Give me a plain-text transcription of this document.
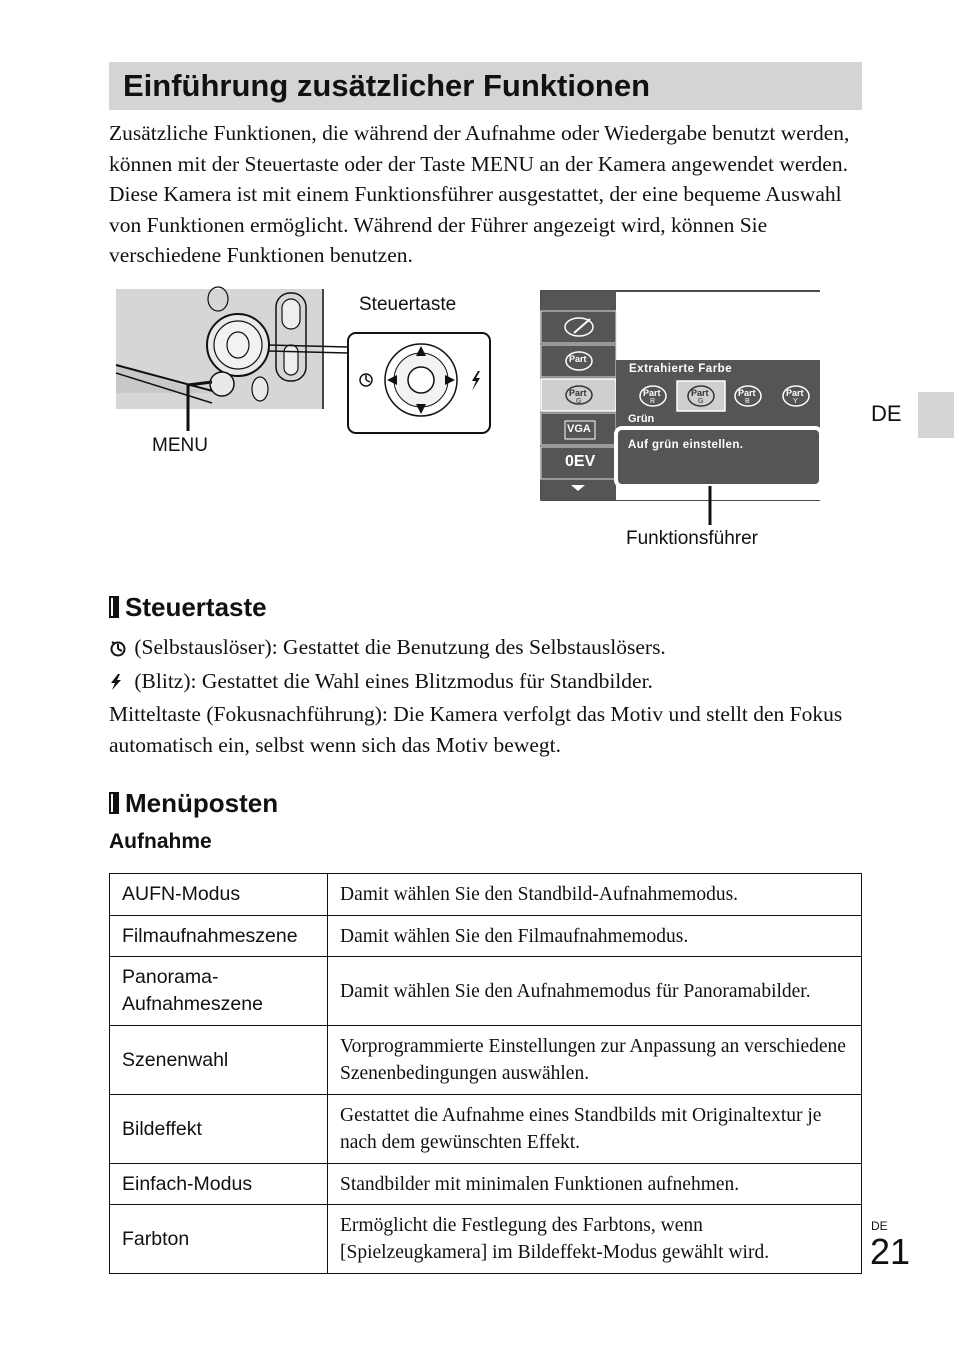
Einführung zusätzlicher Funktionen

Zusätzliche Funktionen, die während der Aufnahme oder Wiedergabe benutzt werden, können mit der Steuertaste oder der Taste MENU an der Kamera angewendet werden. Diese Kamera ist mit einem Funktionsführer ausgestattet, der eine bequeme Auswahl von Funktionen ermöglicht. Während der Führer angezeigt wird, können Sie verschiedene Funktionen benutzen.

Steuertaste
MENU
Funktionsführer
Extrahierte Farbe
Grün
Auf grün einstellen.
Part
Part
G
Part
R
Part
G
Part
B
Part
Y
VGA
0EV
DE
Steuertaste

(Selbstauslöser): Gestattet die Benutzung des Selbstauslösers.
(Blitz): Gestattet die Wahl eines Blitzmodus für Standbilder.
Mitteltaste (Fokusnachführung): Die Kamera verfolgt das Motiv und stellt den Fokus automatisch ein, selbst wenn sich das Motiv bewegt.

Menüposten
Aufnahme
AUFN-Modus	Damit wählen Sie den Standbild-Aufnahmemodus.
Filmaufnahmeszene	Damit wählen Sie den Filmaufnahmemodus.
Panorama-Aufnahmeszene	Damit wählen Sie den Aufnahmemodus für Panoramabilder.
Szenenwahl	Vorprogrammierte Einstellungen zur Anpassung an verschiedene Szenenbedingungen auswählen.
Bildeffekt	Gestattet die Aufnahme eines Standbilds mit Originaltextur je nach dem gewünschten Effekt.
Einfach-Modus	Standbilder mit minimalen Funktionen aufnehmen.
Farbton	Ermöglicht die Festlegung des Farbtons, wenn [Spielzeugkamera] im Bildeffekt-Modus gewählt wird.
DE
21
